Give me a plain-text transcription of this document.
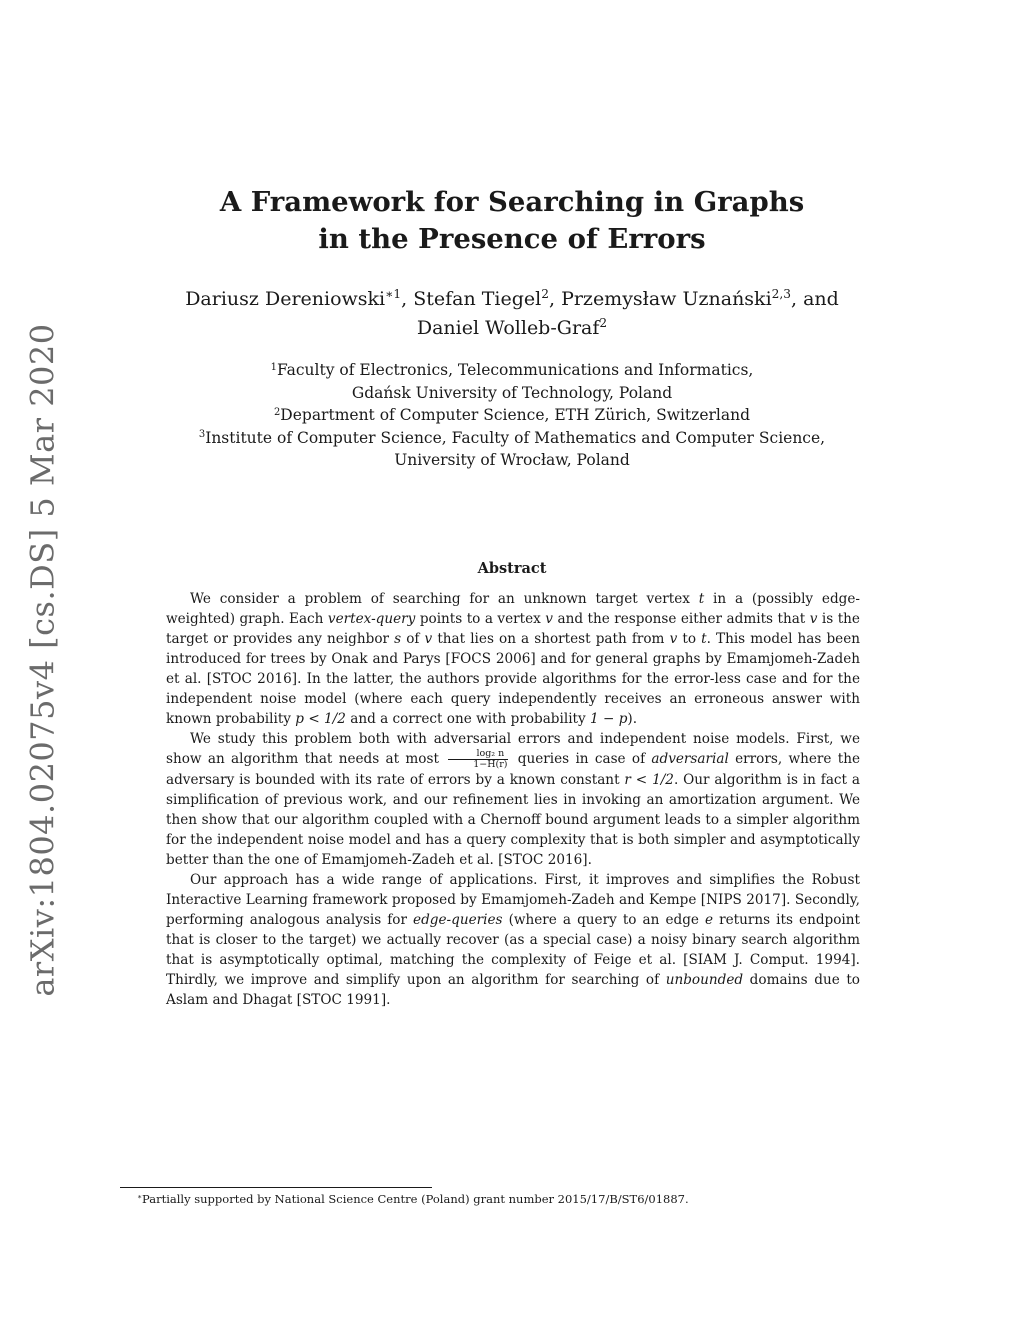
arXiv:1804.02075v4 [cs.DS] 5 Mar 2020
A Framework for Searching in Graphs
in the Presence of Errors
Dariusz Dereniowski$^{∗1}$, Stefan Tiegel$^2$, Przemysław Uznański$^{2,3}$, and
Daniel Wolleb-Graf$^2$
$^1$Faculty of Electronics, Telecommunications and Informatics,
Gdańsk University of Technology, Poland
$^2$Department of Computer Science, ETH Zürich, Switzerland
$^3$Institute of Computer Science, Faculty of Mathematics and Computer Science,
University of Wrocław, Poland
Abstract

We consider a problem of searching for an unknown target vertex t in a (possibly edge-weighted) graph. Each vertex-query points to a vertex v and the response either admits that v is the target or provides any neighbor s of v that lies on a shortest path from v to t. This model has been introduced for trees by Onak and Parys [FOCS 2006] and for general graphs by Emamjomeh-Zadeh et al. [STOC 2016]. In the latter, the authors provide algorithms for the error-less case and for the independent noise model (where each query independently receives an erroneous answer with known probability p < 1/2 and a correct one with probability 1 − p).

We study this problem both with adversarial errors and independent noise models. First, we show an algorithm that needs at most $\frac{\text{log₂ n}}{1-H(r)}$ queries in case of adversarial errors, where the adversary is bounded with its rate of errors by a known constant r < 1/2. Our algorithm is in fact a simplification of previous work, and our refinement lies in invoking an amortization argument. We then show that our algorithm coupled with a Chernoff bound argument leads to a simpler algorithm for the independent noise model and has a query complexity that is both simpler and asymptotically better than the one of Emamjomeh-Zadeh et al. [STOC 2016].

Our approach has a wide range of applications. First, it improves and simplifies the Robust Interactive Learning framework proposed by Emamjomeh-Zadeh and Kempe [NIPS 2017]. Secondly, performing analogous analysis for edge-queries (where a query to an edge e returns its endpoint that is closer to the target) we actually recover (as a special case) a noisy binary search algorithm that is asymptotically optimal, matching the complexity of Feige et al. [SIAM J. Comput. 1994]. Thirdly, we improve and simplify upon an algorithm for searching of unbounded domains due to Aslam and Dhagat [STOC 1991].

∗Partially supported by National Science Centre (Poland) grant number 2015/17/B/ST6/01887.
